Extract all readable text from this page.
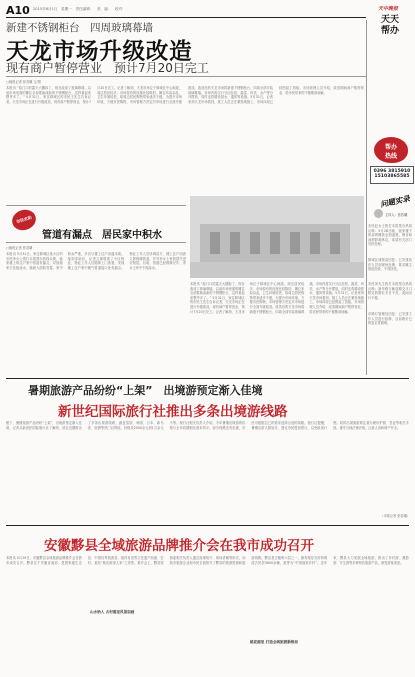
A10 2015年6月1日　星期一　责任编辑：　美　编：　校对：	天中晚报
天天帮办
新建不锈钢柜台　四周玻璃幕墙
天龙市场升级改造
现有商户暂停营业　预计7月20日完工
□晚报记者 张若曦 文/图
本报讯 “原门口的露天大棚拆了，现在改成了玻璃幕墙，以前市场里面的摊位全部要换成新的不锈钢柜台，这样看起来整齐多了。” 5月31日，家住驿城区的市民王先生告诉记者，天龙市场正在进行升级改造，现有商户暂停营业，预计7月20日完工。记者了解到，天龙市场位于驿城区中心地段，周边居民较多，市场原有的设施比较陈旧，摊位布局杂乱，卫生环境较差，给周边居民购物带来诸多不便。为提升市场环境，方便市民购物，市场管理方决定对市场进行全面升级改造。改造后的天龙市场将新建不锈钢柜台，四周全部安装玻璃幕墙，市场内将实行分区经营，蔬菜、肉类、水产等分开摆放，同时还将增设排水、通风等设施。5月31日，记者来到天龙市场看到，施工人员正在紧张地施工，市场四周已经围起了挡板。市场管理人员介绍，改造期间商户暂停营业，给市民带来的不便敬请谅解。
帮办
热线
0396 3815910
15103865585
问题实录
主持人：张若曦
市民赵女士拨打本报帮办热线反映：5月28日晚，她家楼下的烧烤摊营业到凌晨，噪音和油烟影响休息，希望有关部门尽快处理。
驿城区城管局回复：已安排执法人员到现场处理，要求摊主规范经营，不得扰民。
市民刘先生拨打本报帮办热线反映：新华路与解放路交叉口附近的路灯多日不亮，夜间出行不便。
市路灯管理处回复：已安排工作人员进行检修，目前路灯已恢复正常照明。
市民求助
管道有漏点　居民家中积水
□晚报记者 张若曦
本报讯 5月31日，家住驿城区某小区的市民李女士拨打本报帮办热线反映，她家楼上的住户家中管道有漏点，导致她家天花板渗水，墙面大面积发霉，家中积水严重，多次与楼上住户沟通未果。接到求助后，记者立即联系了小区物业，物业工作人员随即上门查看，发现楼上住户家中暖气管道接口处有漏点。物业工作人员协调双方，楼上住户同意立即维修管道，并对李女士家的损失进行赔偿。目前，管道已经维修完毕，李女士家中不再渗水。
本报讯 “原门口的露天大棚拆了，现在改成了玻璃幕墙，以前市场里面的摊位全部要换成新的不锈钢柜台，这样看起来整齐多了。” 5月31日，家住驿城区的市民王先生告诉记者，天龙市场正在进行升级改造，现有商户暂停营业，预计7月20日完工。记者了解到，天龙市场位于驿城区中心地段，周边居民较多，市场原有的设施比较陈旧，摊位布局杂乱，卫生环境较差，给周边居民购物带来诸多不便。为提升市场环境，方便市民购物，市场管理方决定对市场进行全面升级改造。改造后的天龙市场将新建不锈钢柜台，四周全部安装玻璃幕墙，市场内将实行分区经营，蔬菜、肉类、水产等分开摆放，同时还将增设排水、通风等设施。5月31日，记者来到天龙市场看到，施工人员正在紧张地施工，市场四周已经围起了挡板。市场管理人员介绍，改造期间商户暂停营业，给市民带来的不便敬请谅解。
暑期旅游产品纷纷“上架”　出境游预定渐入佳境
新世纪国际旅行社推出多条出境游线路
眼下，暑期旅游产品纷纷“上架”，出境游预定渐入佳境。记者从新世纪国际旅行社了解到，该社近期推出了多条出境游线路，涵盖泰国、韩国、日本、新马泰、欧洲等热门目的地，价格从2000余元到1万余元不等。旅行社相关负责人介绍，今年暑期出境游的价格与去年同期相比基本持平，部分线路还有优惠，市民可根据自己的需求选择合适的线路。旅行社提醒，暑期出游人数较多，建议市民提前预订，以免耽误行程。同时出境旅游要注意办理好护照、签证等相关手续，遵守当地法律法规，注意人身和财产安全。
（本报记者 张若曦）
安徽黟县全域旅游品牌推介会在我市成功召开
本报讯 5月29日，安徽黟县全域旅游品牌推介会在我市成功召开。黟县位于安徽省南部，是国家级生态县、中国优秀旅游县，境内有世界文化遗产西递、宏村，素有“桃花源里人家”之美誉。推介会上，黟县旅游委相关负责人通过视频短片、现场讲解等形式，向我市旅游企业和市民全面推介了黟县的旅游资源和旅游线路。黟县是古徽州六县之一，拥有保存完好的明清古民居3600余幢，被誉为“中国画里乡村”。近年来，黟县大力发展全域旅游，推出了乡村游、摄影游、写生游等多种特色旅游产品，深受游客喜爱。
山水怡人 古村落里风景如画
桃花源里 打造全域旅游新格局
